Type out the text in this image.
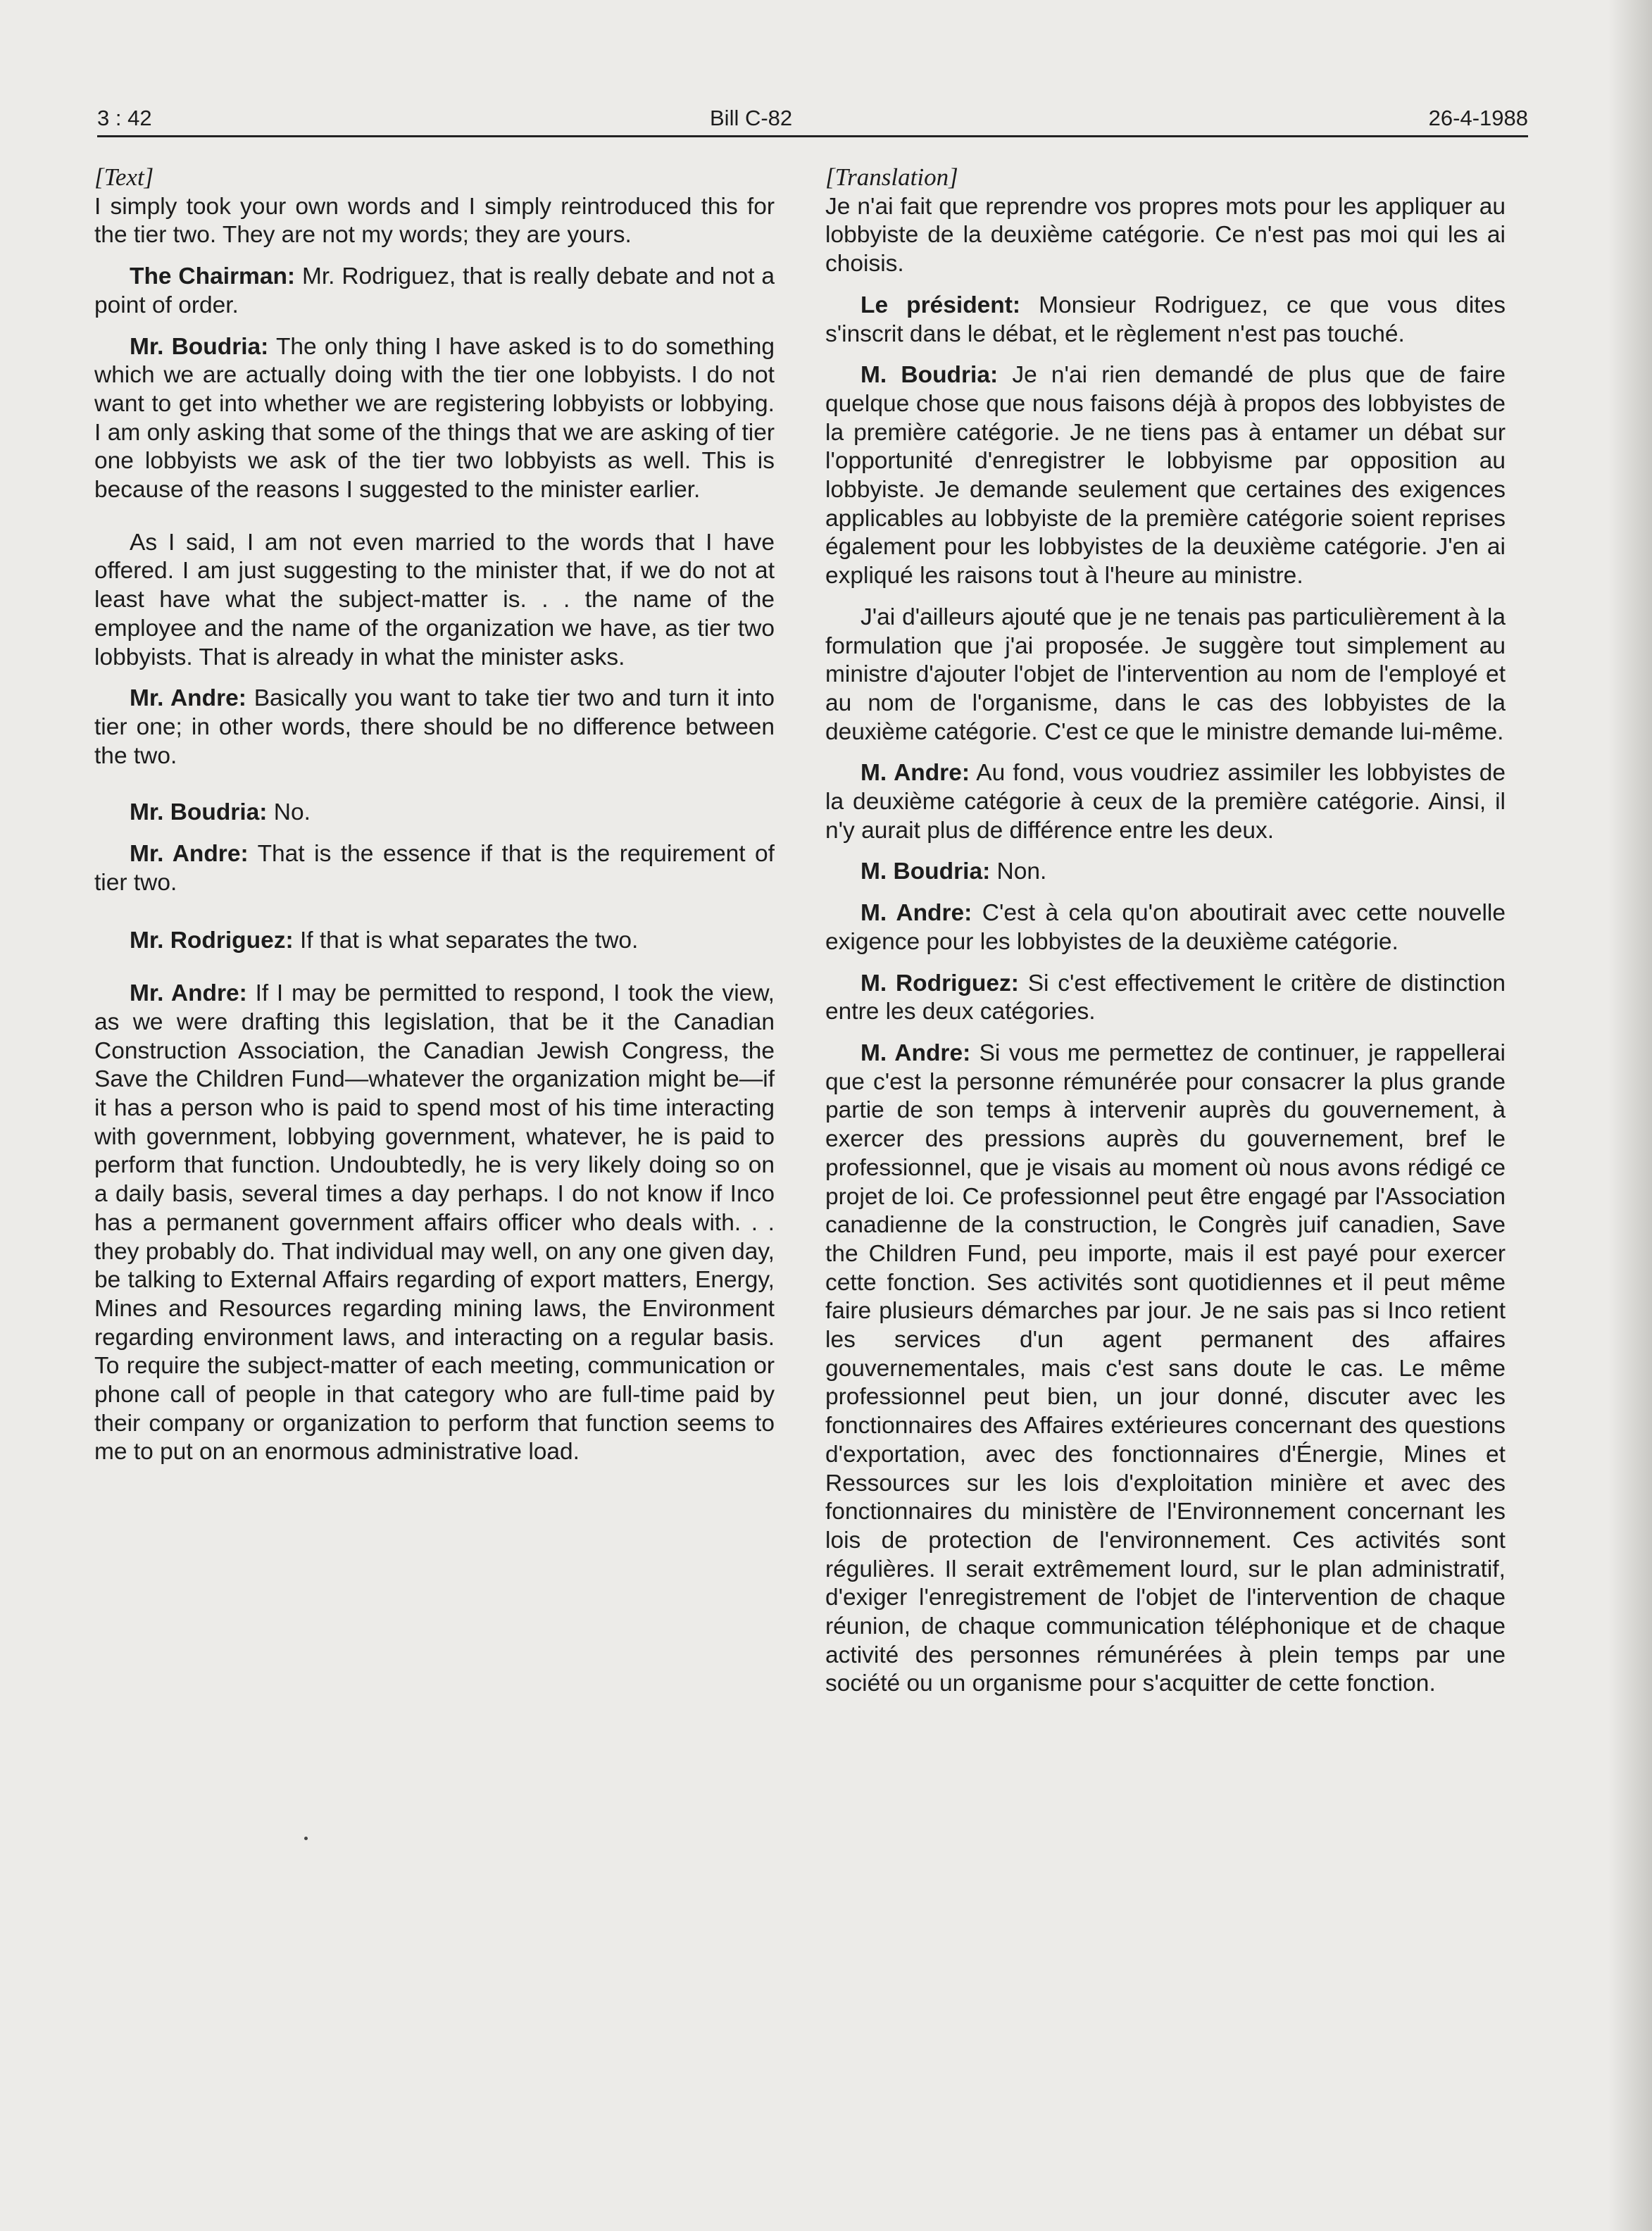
3 : 42	Bill C-82	26-4-1988

[Text]

I simply took your own words and I simply reintroduced this for the tier two. They are not my words; they are yours.

The Chairman: Mr. Rodriguez, that is really debate and not a point of order.

Mr. Boudria: The only thing I have asked is to do something which we are actually doing with the tier one lobbyists. I do not want to get into whether we are registering lobbyists or lobbying. I am only asking that some of the things that we are asking of tier one lobbyists we ask of the tier two lobbyists as well. This is because of the reasons I suggested to the minister earlier.

As I said, I am not even married to the words that I have offered. I am just suggesting to the minister that, if we do not at least have what the subject-matter is. . . the name of the employee and the name of the organization we have, as tier two lobbyists. That is already in what the minister asks.

Mr. Andre: Basically you want to take tier two and turn it into tier one; in other words, there should be no difference between the two.

Mr. Boudria: No.

Mr. Andre: That is the essence if that is the requirement of tier two.

Mr. Rodriguez: If that is what separates the two.

Mr. Andre: If I may be permitted to respond, I took the view, as we were drafting this legislation, that be it the Canadian Construction Association, the Canadian Jewish Congress, the Save the Children Fund—whatever the organization might be—if it has a person who is paid to spend most of his time interacting with government, lobbying government, whatever, he is paid to perform that function. Undoubtedly, he is very likely doing so on a daily basis, several times a day perhaps. I do not know if Inco has a permanent government affairs officer who deals with. . . they probably do. That individual may well, on any one given day, be talking to External Affairs regarding of export matters, Energy, Mines and Resources regarding mining laws, the Environment regarding environment laws, and interacting on a regular basis. To require the subject-matter of each meeting, communication or phone call of people in that category who are full-time paid by their company or organization to perform that function seems to me to put on an enormous administrative load.

[Translation]

Je n'ai fait que reprendre vos propres mots pour les appliquer au lobbyiste de la deuxième catégorie. Ce n'est pas moi qui les ai choisis.

Le président: Monsieur Rodriguez, ce que vous dites s'inscrit dans le débat, et le règlement n'est pas touché.

M. Boudria: Je n'ai rien demandé de plus que de faire quelque chose que nous faisons déjà à propos des lobbyistes de la première catégorie. Je ne tiens pas à entamer un débat sur l'opportunité d'enregistrer le lobbyisme par opposition au lobbyiste. Je demande seulement que certaines des exigences applicables au lobbyiste de la première catégorie soient reprises également pour les lobbyistes de la deuxième catégorie. J'en ai expliqué les raisons tout à l'heure au ministre.

J'ai d'ailleurs ajouté que je ne tenais pas particulièrement à la formulation que j'ai proposée. Je suggère tout simplement au ministre d'ajouter l'objet de l'intervention au nom de l'employé et au nom de l'organisme, dans le cas des lobbyistes de la deuxième catégorie. C'est ce que le ministre demande lui-même.

M. Andre: Au fond, vous voudriez assimiler les lobbyistes de la deuxième catégorie à ceux de la première catégorie. Ainsi, il n'y aurait plus de différence entre les deux.

M. Boudria: Non.

M. Andre: C'est à cela qu'on aboutirait avec cette nouvelle exigence pour les lobbyistes de la deuxième catégorie.

M. Rodriguez: Si c'est effectivement le critère de distinction entre les deux catégories.

M. Andre: Si vous me permettez de continuer, je rappellerai que c'est la personne rémunérée pour consacrer la plus grande partie de son temps à intervenir auprès du gouvernement, à exercer des pressions auprès du gouvernement, bref le professionnel, que je visais au moment où nous avons rédigé ce projet de loi. Ce professionnel peut être engagé par l'Association canadienne de la construction, le Congrès juif canadien, Save the Children Fund, peu importe, mais il est payé pour exercer cette fonction. Ses activités sont quotidiennes et il peut même faire plusieurs démarches par jour. Je ne sais pas si Inco retient les services d'un agent permanent des affaires gouvernementales, mais c'est sans doute le cas. Le même professionnel peut bien, un jour donné, discuter avec les fonctionnaires des Affaires extérieures concernant des questions d'exportation, avec des fonctionnaires d'Énergie, Mines et Ressources sur les lois d'exploitation minière et avec des fonctionnaires du ministère de l'Environnement concernant les lois de protection de l'environnement. Ces activités sont régulières. Il serait extrêmement lourd, sur le plan administratif, d'exiger l'enregistrement de l'objet de l'intervention de chaque réunion, de chaque communication téléphonique et de chaque activité des personnes rémunérées à plein temps par une société ou un organisme pour s'acquitter de cette fonction.
